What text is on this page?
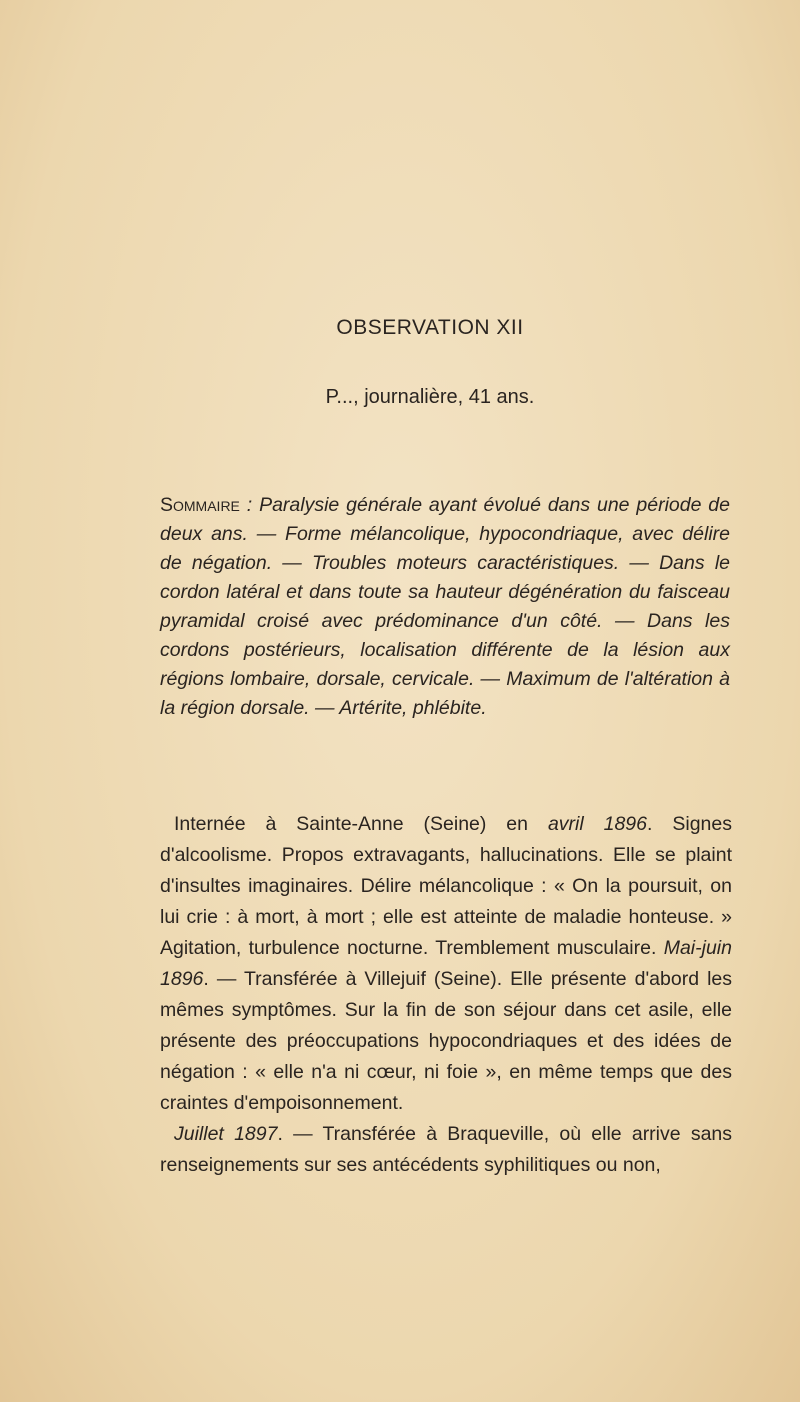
OBSERVATION XII

P..., journalière, 41 ans.

Sommaire : Paralysie générale ayant évolué dans une période de deux ans. — Forme mélancolique, hypocondriaque, avec délire de négation. — Troubles moteurs caractéristiques. — Dans le cordon latéral et dans toute sa hauteur dégénération du faisceau pyramidal croisé avec prédominance d'un côté. — Dans les cordons postérieurs, localisation différente de la lésion aux régions lombaire, dorsale, cervicale. — Maximum de l'altération à la région dorsale. — Artérite, phlébite.

Internée à Sainte-Anne (Seine) en avril 1896. Signes d'alcoolisme. Propos extravagants, hallucinations. Elle se plaint d'insultes imaginaires. Délire mélancolique : « On la poursuit, on lui crie : à mort, à mort ; elle est atteinte de maladie honteuse. » Agitation, turbulence nocturne. Tremblement musculaire. Mai-juin 1896. — Transférée à Villejuif (Seine). Elle présente d'abord les mêmes symptômes. Sur la fin de son séjour dans cet asile, elle présente des préoccupations hypocondriaques et des idées de négation : « elle n'a ni cœur, ni foie », en même temps que des craintes d'empoisonnement.

Juillet 1897. — Transférée à Braqueville, où elle arrive sans renseignements sur ses antécédents syphilitiques ou non,
